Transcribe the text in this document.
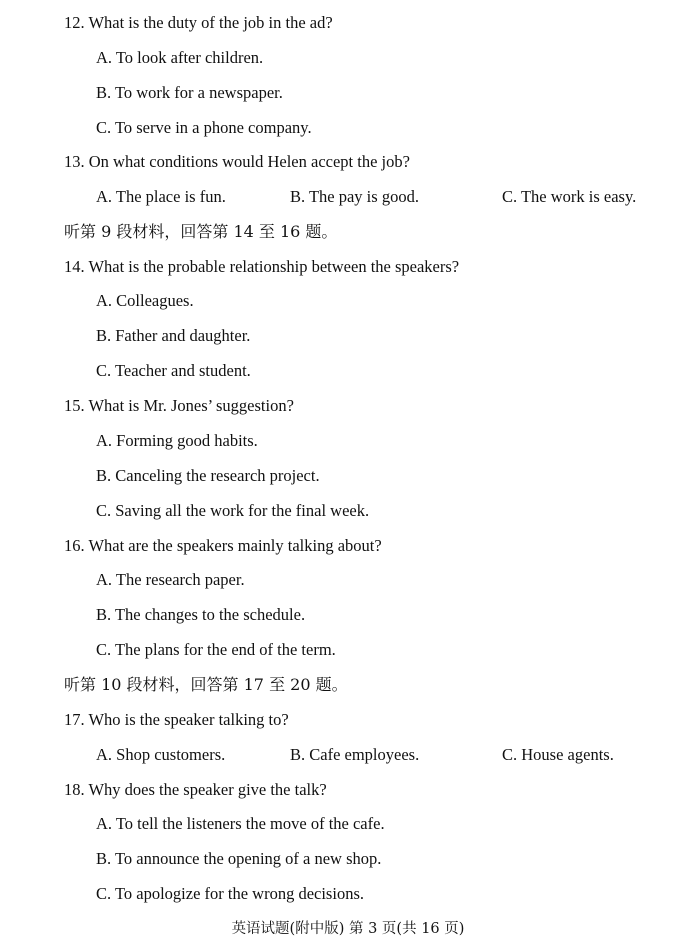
12. What is the duty of the job in the ad?
A. To look after children.
B. To work for a newspaper.
C. To serve in a phone company.
13. On what conditions would Helen accept the job?
A. The place is fun.	B. The pay is good.	C. The work is easy.
听第 9 段材料，回答第 14 至 16 题。
14. What is the probable relationship between the speakers?
A. Colleagues.
B. Father and daughter.
C. Teacher and student.
15. What is Mr. Jones’ suggestion?
A. Forming good habits.
B. Canceling the research project.
C. Saving all the work for the final week.
16. What are the speakers mainly talking about?
A. The research paper.
B. The changes to the schedule.
C. The plans for the end of the term.
听第 10 段材料，回答第 17 至 20 题。
17. Who is the speaker talking to?
A. Shop customers.	B. Cafe employees.	C. House agents.
18. Why does the speaker give the talk?
A. To tell the listeners the move of the cafe.
B. To announce the opening of a new shop.
C. To apologize for the wrong decisions.
英语试题(附中版) 第 3 页(共 16 页)
